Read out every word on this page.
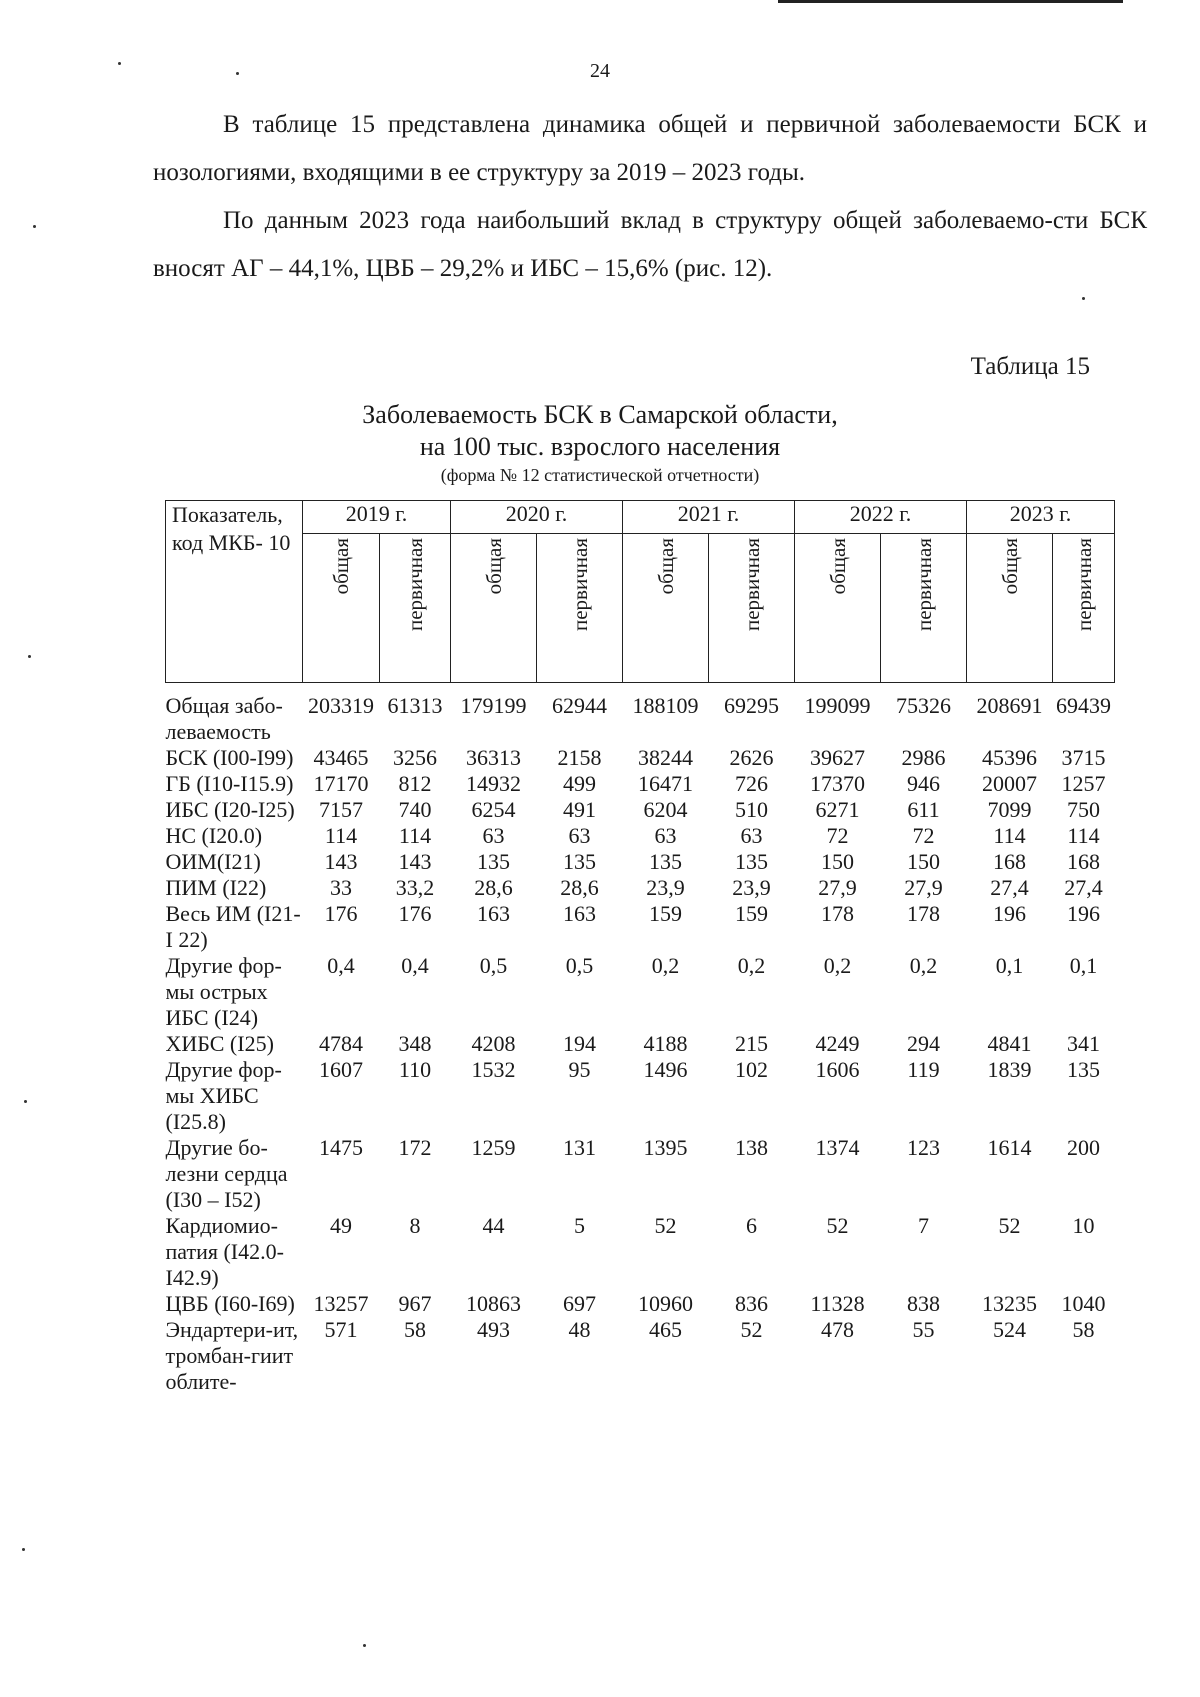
24

В таблице 15 представлена динамика общей и первичной заболеваемости БСК и нозологиями, входящими в ее структуру за 2019 – 2023 годы.

По данным 2023 года наибольший вклад в структуру общей заболеваемо-сти БСК вносят АГ – 44,1%, ЦВБ – 29,2% и ИБС – 15,6% (рис. 12).

Таблица 15
Заболеваемость БСК в Самарской области,
на 100 тыс. взрослого населения
(форма № 12 статистической отчетности)
Показатель, код МКБ- 10	2019 г.		2020 г.		2021 г.		2022 г.		2023 г.	
	общая	первичная	общая	первичная	общая	первичная	общая	первичная	общая	первичная

Общая забо-леваемость	203319	61313	179199	62944	188109	69295	199099	75326	208691	69439
БСК (I00-I99)	43465	3256	36313	2158	38244	2626	39627	2986	45396	3715
ГБ (I10-I15.9)	17170	812	14932	499	16471	726	17370	946	20007	1257
ИБС (I20-I25)	7157	740	6254	491	6204	510	6271	611	7099	750
НС (I20.0)	114	114	63	63	63	63	72	72	114	114
ОИМ(I21)	143	143	135	135	135	135	150	150	168	168
ПИМ (I22)	33	33,2	28,6	28,6	23,9	23,9	27,9	27,9	27,4	27,4
Весь ИМ (I21-I 22)	176	176	163	163	159	159	178	178	196	196
Другие фор-мы острых ИБС (I24)	0,4	0,4	0,5	0,5	0,2	0,2	0,2	0,2	0,1	0,1
ХИБС (I25)	4784	348	4208	194	4188	215	4249	294	4841	341
Другие фор-мы ХИБС (I25.8)	1607	110	1532	95	1496	102	1606	119	1839	135
Другие бо-лезни сердца (I30 – I52)	1475	172	1259	131	1395	138	1374	123	1614	200
Кардиомио-патия (I42.0-I42.9)	49	8	44	5	52	6	52	7	52	10
ЦВБ (I60-I69)	13257	967	10863	697	10960	836	11328	838	13235	1040
Эндартери-ит, тромбан-гиит облите-	571	58	493	48	465	52	478	55	524	58
